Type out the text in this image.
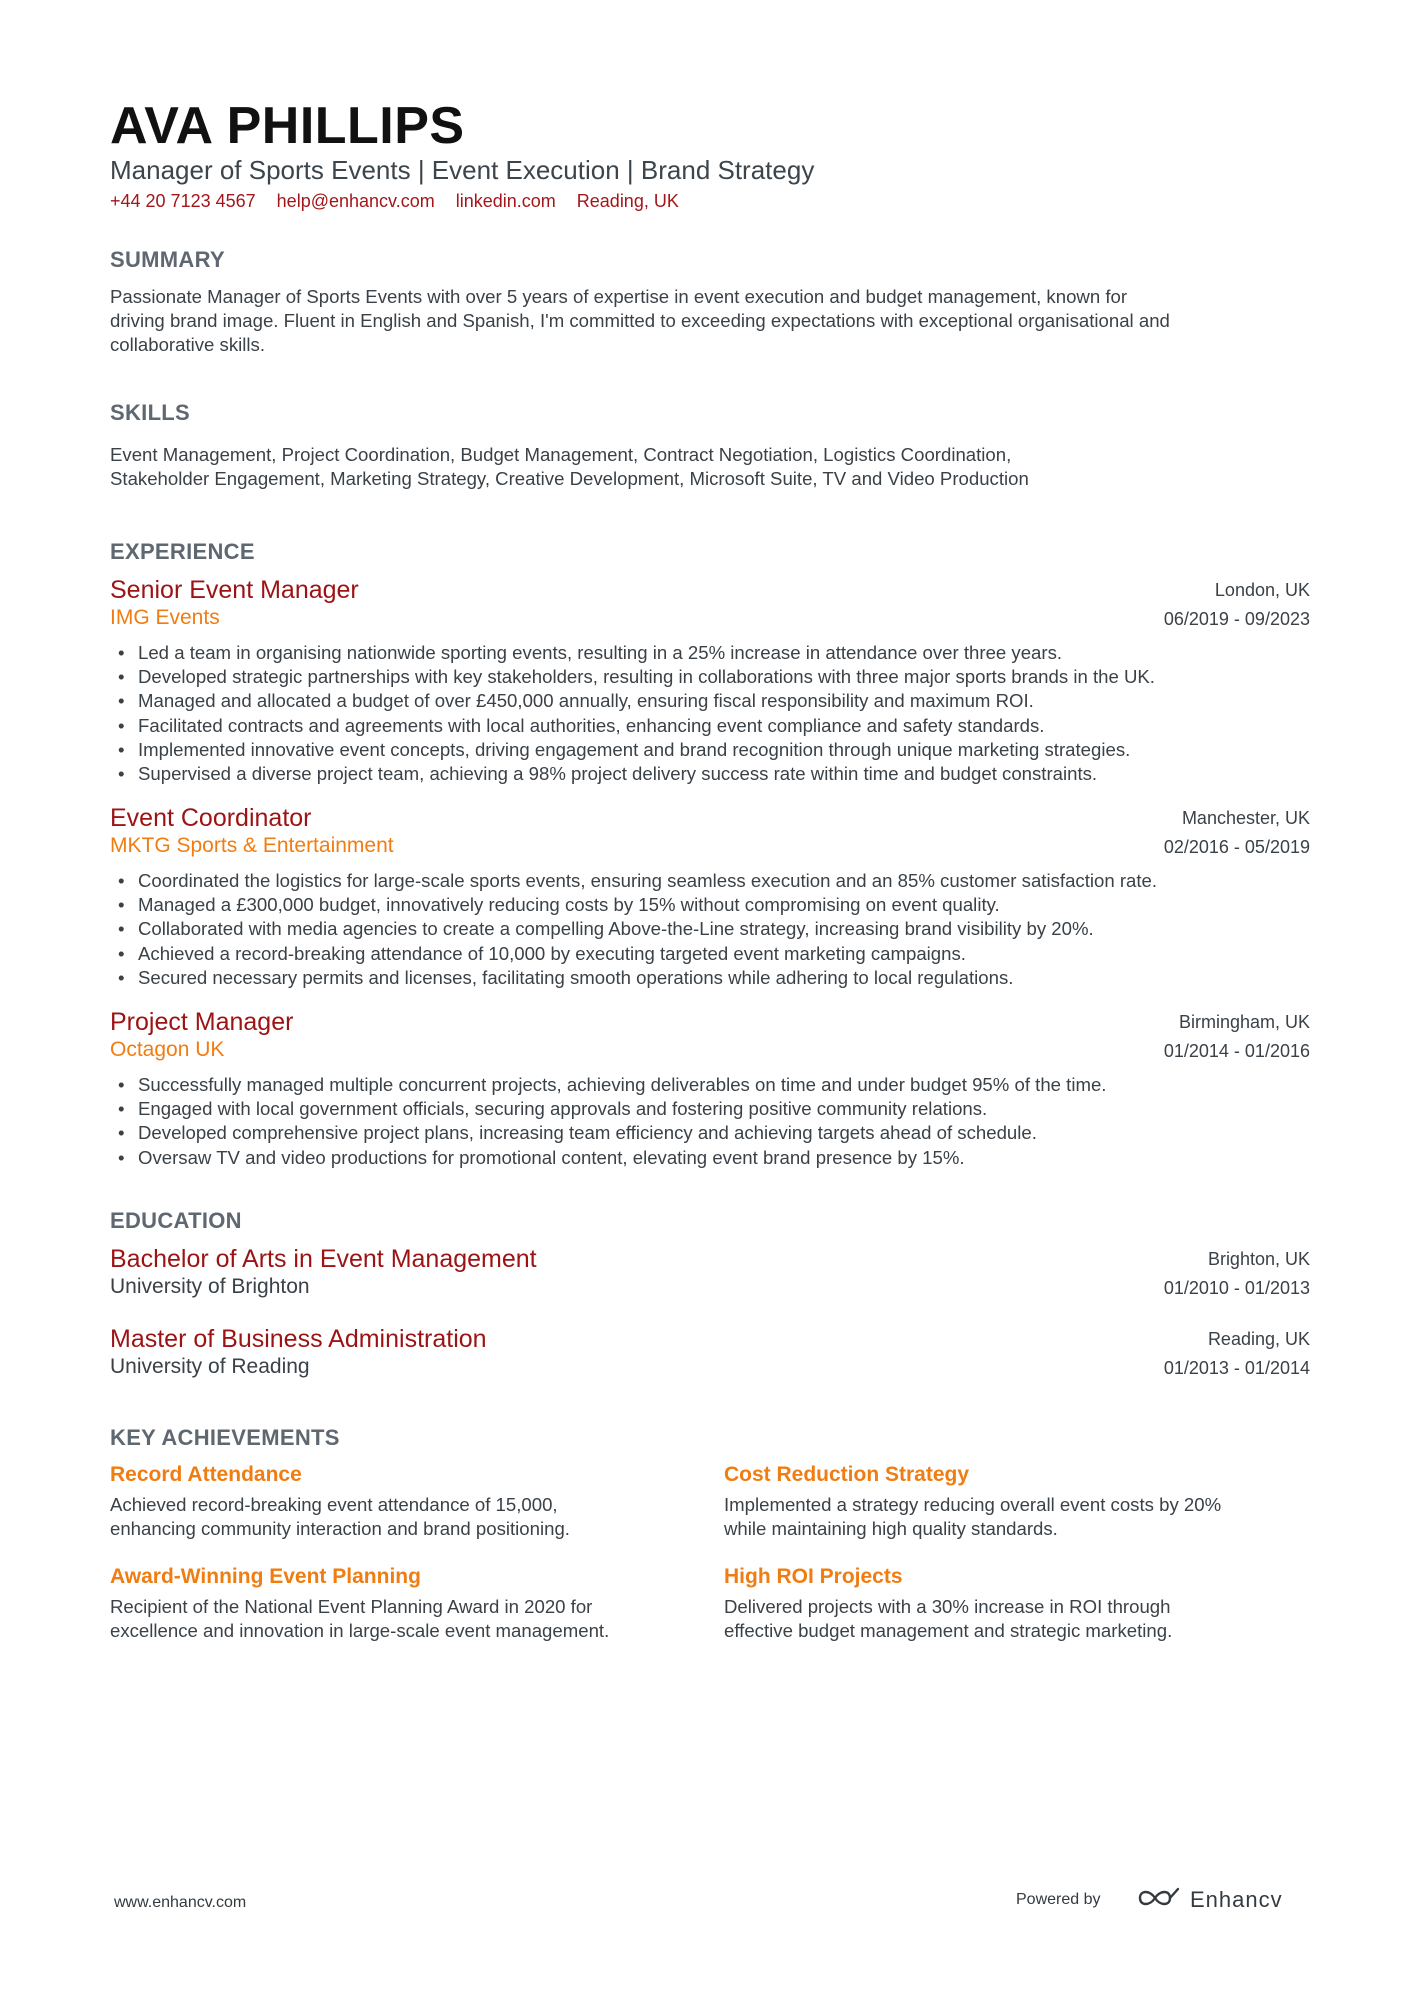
AVA PHILLIPS
Manager of Sports Events | Event Execution | Brand Strategy
+44 20 7123 4567 help@enhancv.com linkedin.com Reading, UK
SUMMARY
Passionate Manager of Sports Events with over 5 years of expertise in event execution and budget management, known for
driving brand image. Fluent in English and Spanish, I'm committed to exceeding expectations with exceptional organisational and
collaborative skills.
SKILLS
Event Management, Project Coordination, Budget Management, Contract Negotiation, Logistics Coordination,
Stakeholder Engagement, Marketing Strategy, Creative Development, Microsoft Suite, TV and Video Production
EXPERIENCE
Senior Event Manager
IMG Events
London, UK
06/2019 - 09/2023
• Led a team in organising nationwide sporting events, resulting in a 25% increase in attendance over three years.
• Developed strategic partnerships with key stakeholders, resulting in collaborations with three major sports brands in the UK.
• Managed and allocated a budget of over £450,000 annually, ensuring fiscal responsibility and maximum ROI.
• Facilitated contracts and agreements with local authorities, enhancing event compliance and safety standards.
• Implemented innovative event concepts, driving engagement and brand recognition through unique marketing strategies.
• Supervised a diverse project team, achieving a 98% project delivery success rate within time and budget constraints.
Event Coordinator
MKTG Sports & Entertainment
Manchester, UK
02/2016 - 05/2019
• Coordinated the logistics for large-scale sports events, ensuring seamless execution and an 85% customer satisfaction rate.
• Managed a £300,000 budget, innovatively reducing costs by 15% without compromising on event quality.
• Collaborated with media agencies to create a compelling Above-the-Line strategy, increasing brand visibility by 20%.
• Achieved a record-breaking attendance of 10,000 by executing targeted event marketing campaigns.
• Secured necessary permits and licenses, facilitating smooth operations while adhering to local regulations.
Project Manager
Octagon UK
Birmingham, UK
01/2014 - 01/2016
• Successfully managed multiple concurrent projects, achieving deliverables on time and under budget 95% of the time.
• Engaged with local government officials, securing approvals and fostering positive community relations.
• Developed comprehensive project plans, increasing team efficiency and achieving targets ahead of schedule.
• Oversaw TV and video productions for promotional content, elevating event brand presence by 15%.
EDUCATION
Bachelor of Arts in Event Management
University of Brighton
Brighton, UK
01/2010 - 01/2013
Master of Business Administration
University of Reading
Reading, UK
01/2013 - 01/2014
KEY ACHIEVEMENTS
Record Attendance
Achieved record-breaking event attendance of 15,000,
enhancing community interaction and brand positioning.
Cost Reduction Strategy
Implemented a strategy reducing overall event costs by 20%
while maintaining high quality standards.
Award-Winning Event Planning
Recipient of the National Event Planning Award in 2020 for
excellence and innovation in large-scale event management.
High ROI Projects
Delivered projects with a 30% increase in ROI through
effective budget management and strategic marketing.
www.enhancv.com	Powered by	Enhancv
